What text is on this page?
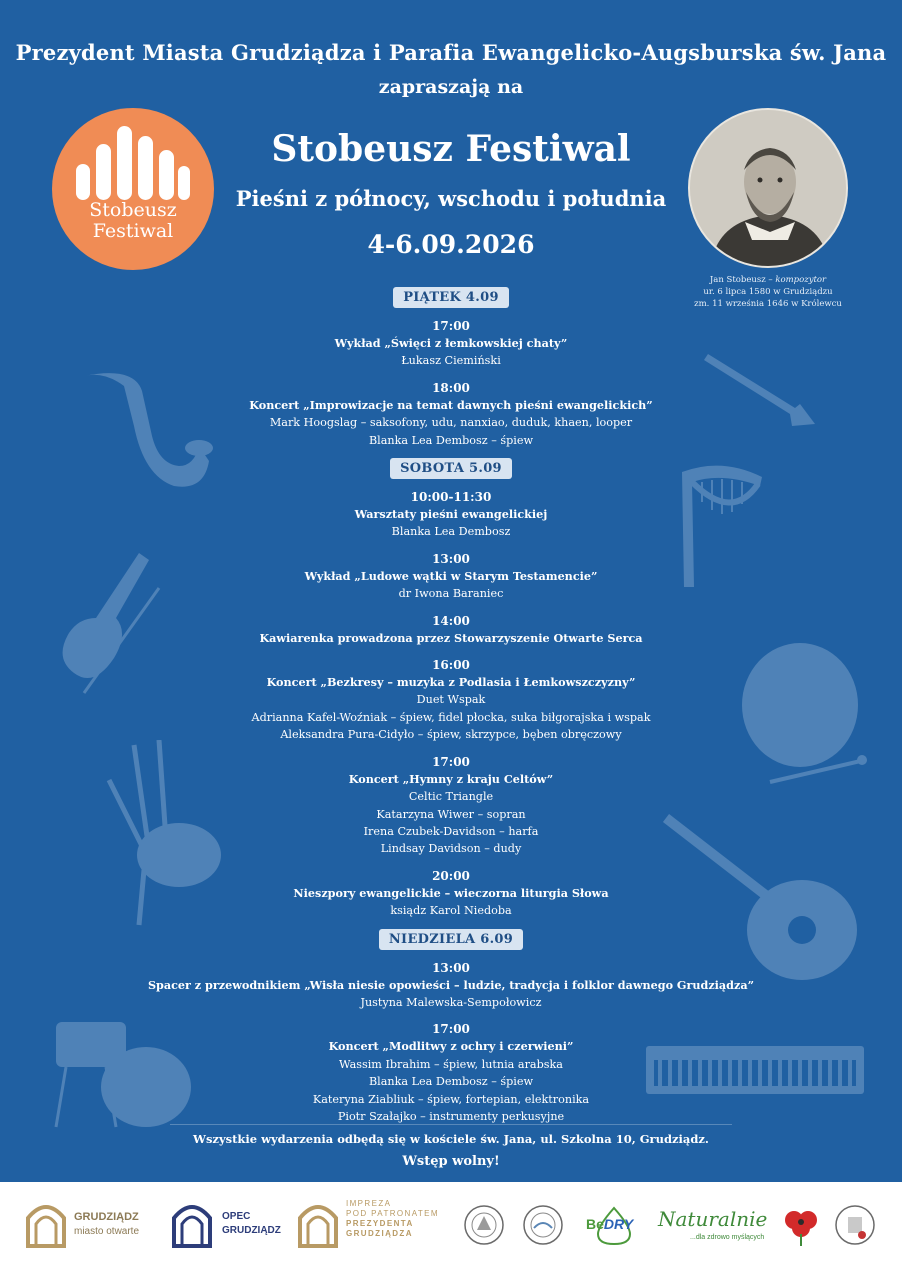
Prezydent Miasta Grudziądza i Parafia Ewangelicko-Augsburska św. Jana
zapraszają na
Stobeusz Festiwal
Pieśni z północy, wschodu i południa
4-6.09.2026
Stobeusz
Festiwal
Jan Stobeusz – kompozytor
ur. 6 lipca 1580 w Grudziądzu
zm. 11 września 1646 w Królewcu
PIĄTEK 4.09
17:00
Wykład „Święci z łemkowskiej chaty”
Łukasz Ciemiński
18:00
Koncert „Improwizacje na temat dawnych pieśni ewangelickich”
Mark Hoogslag – saksofony, udu, nanxiao, duduk, khaen, looper
Blanka Lea Dembosz – śpiew
SOBOTA 5.09
10:00-11:30
Warsztaty pieśni ewangelickiej
Blanka Lea Dembosz
13:00
Wykład „Ludowe wątki w Starym Testamencie”
dr Iwona Baraniec
14:00
Kawiarenka prowadzona przez Stowarzyszenie Otwarte Serca
16:00
Koncert „Bezkresy – muzyka z Podlasia i Łemkowszczyzny”
Duet Wspak
Adrianna Kafel-Woźniak – śpiew, fidel płocka, suka biłgorajska i wspak
Aleksandra Pura-Cidyło – śpiew, skrzypce, bęben obręczowy
17:00
Koncert „Hymny z kraju Celtów”
Celtic Triangle
Katarzyna Wiwer – sopran
Irena Czubek-Davidson – harfa
Lindsay Davidson – dudy
20:00
Nieszpory ewangelickie – wieczorna liturgia Słowa
ksiądz Karol Niedoba
NIEDZIELA 6.09
13:00
Spacer z przewodnikiem „Wisła niesie opowieści – ludzie, tradycja i folklor dawnego Grudziądza”
Justyna Malewska-Sempołowicz
17:00
Koncert „Modlitwy z ochry i czerwieni”
Wassim Ibrahim – śpiew, lutnia arabska
Blanka Lea Dembosz – śpiew
Kateryna Ziabliuk – śpiew, fortepian, elektronika
Piotr Szałajko – instrumenty perkusyjne
Wszystkie wydarzenia odbędą się w kościele św. Jana, ul. Szkolna 10, Grudziądz.
Wstęp wolny!
GRUDZIĄDZ
miasto otwarte
OPEC
GRUDZIĄDZ
IMPREZA
POD PATRONATEM
PREZYDENTA
GRUDZIĄDZA
BeDRY Naturalnie
...dla zdrowo myślących
